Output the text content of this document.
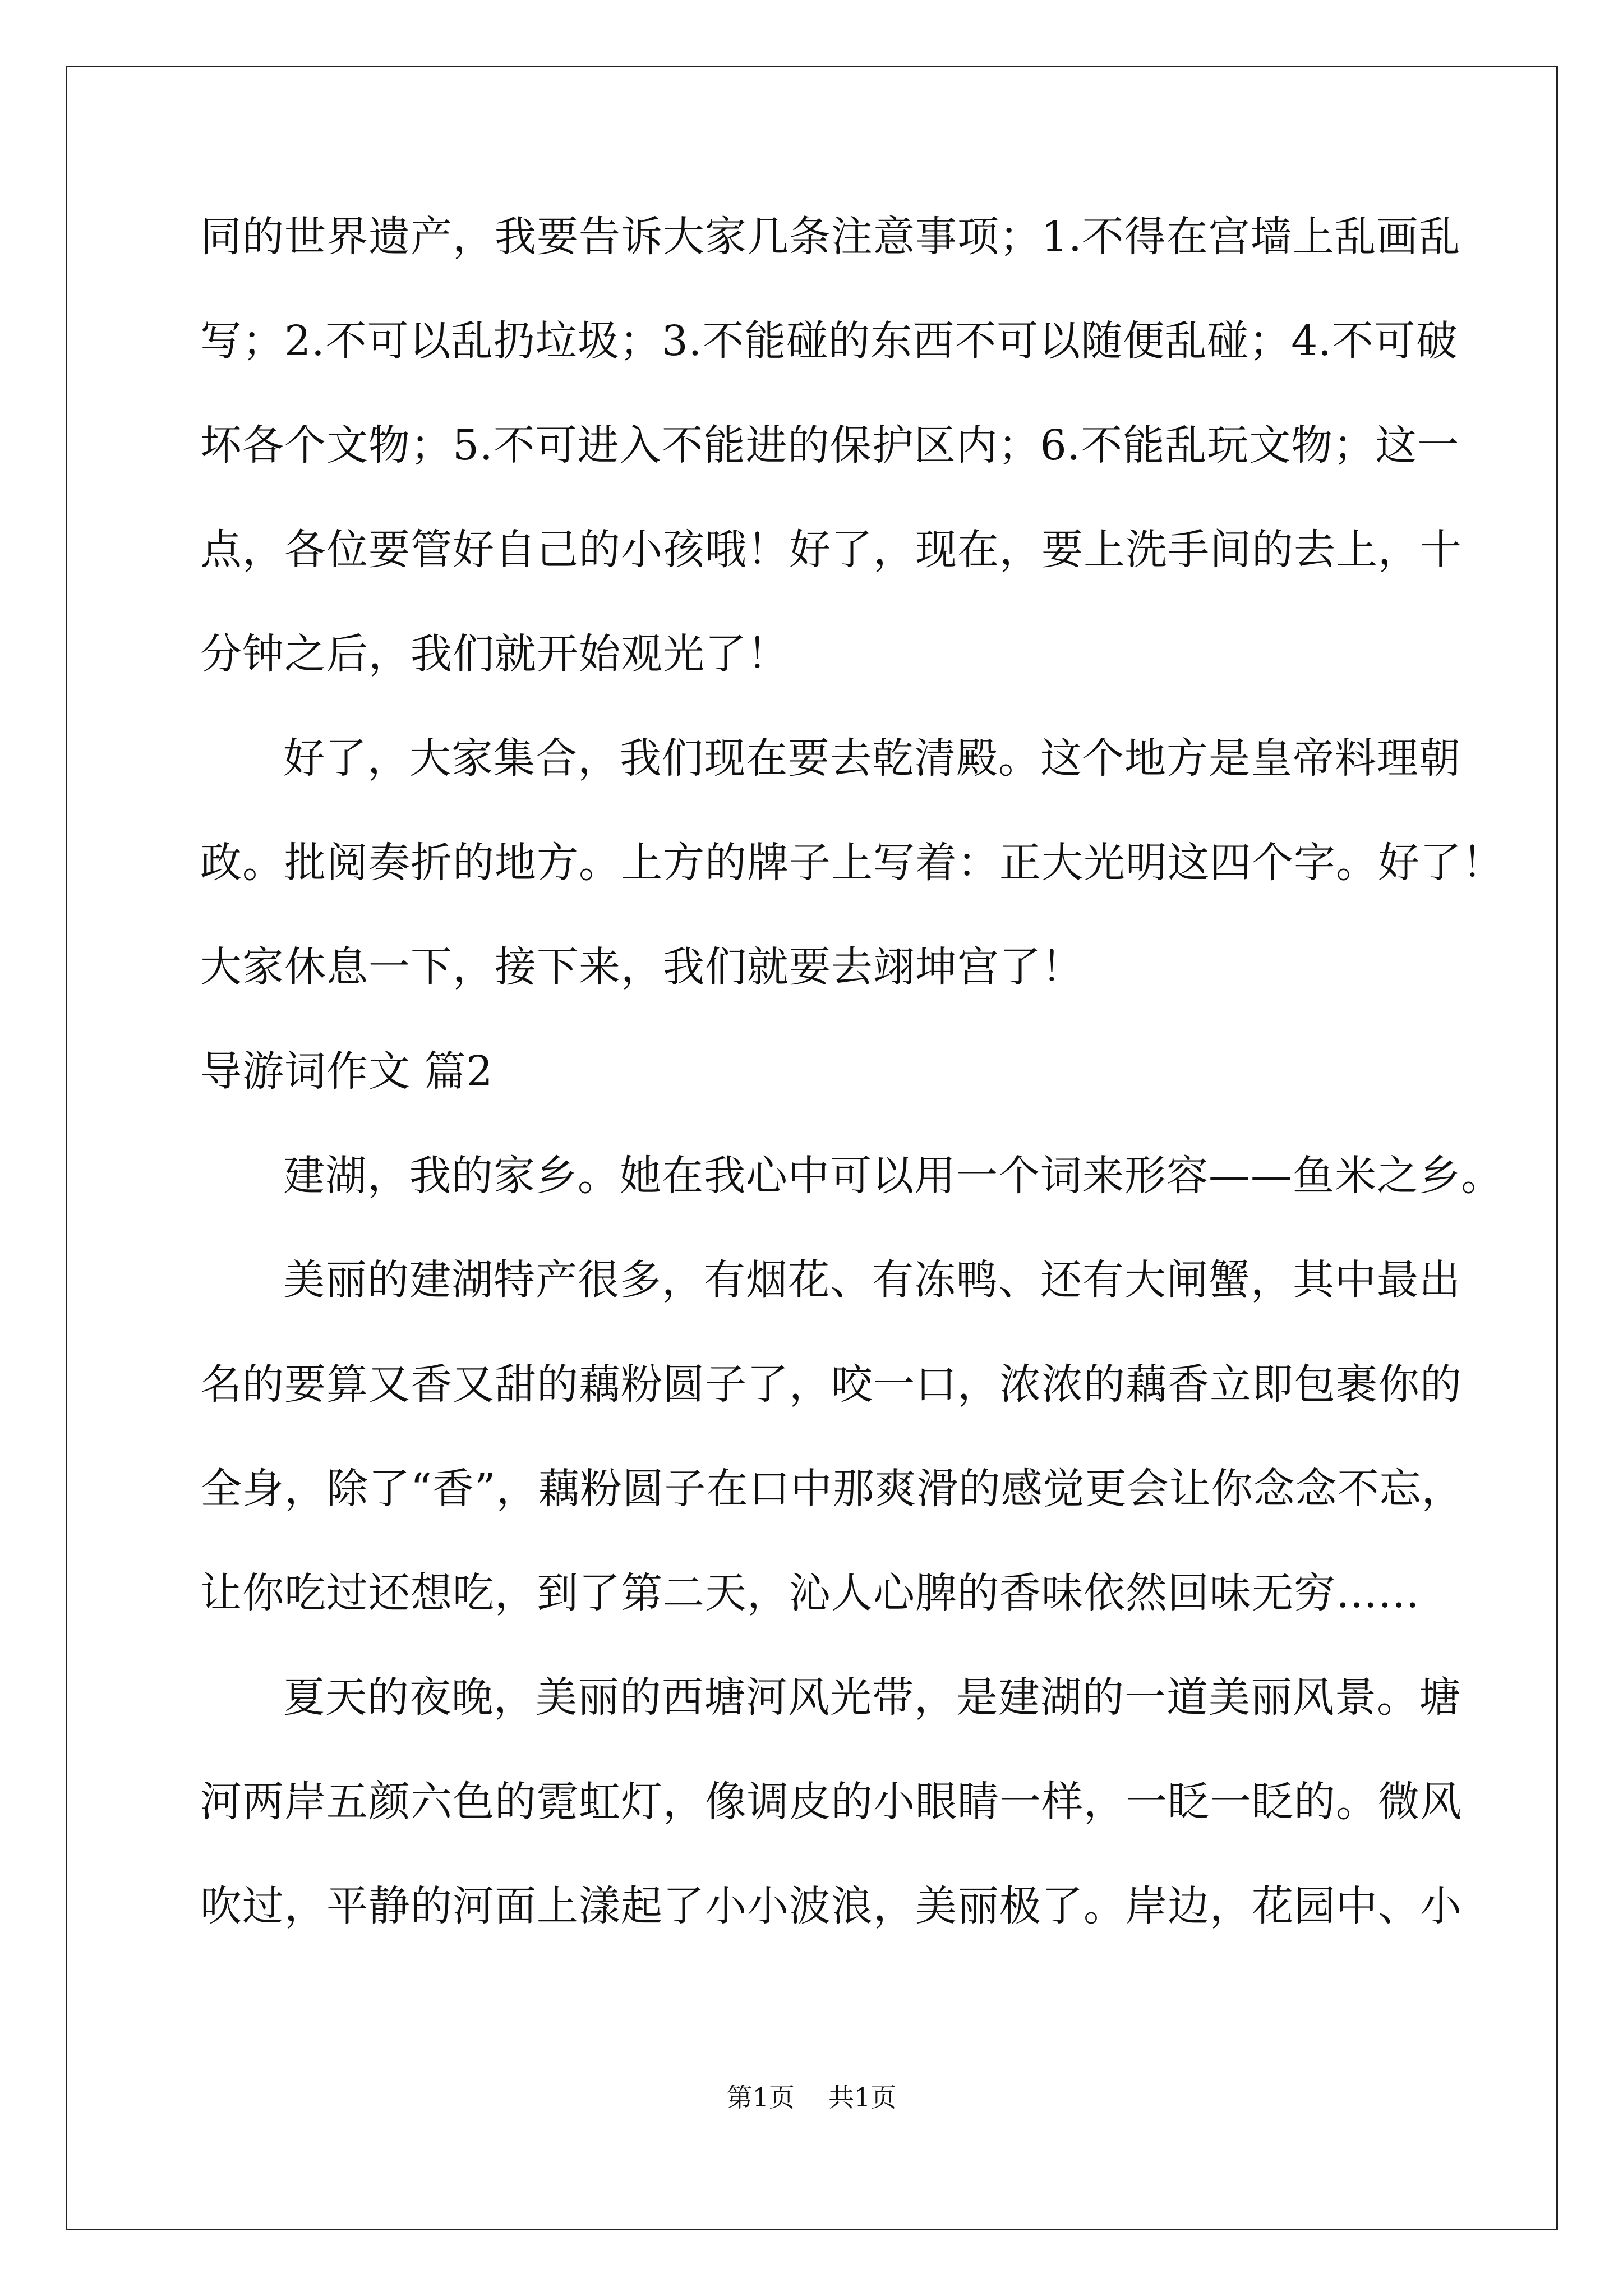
同的世界遗产，我要告诉大家几条注意事项；1.不得在宫墙上乱画乱
写；2.不可以乱扔垃圾；3.不能碰的东西不可以随便乱碰；4.不可破
坏各个文物；5.不可进入不能进的保护区内；6.不能乱玩文物；这一
点，各位要管好自己的小孩哦！好了，现在，要上洗手间的去上，十
分钟之后，我们就开始观光了！
好了，大家集合，我们现在要去乾清殿。这个地方是皇帝料理朝
政。批阅奏折的地方。上方的牌子上写着：正大光明这四个字。好了！
大家休息一下，接下来，我们就要去翊坤宫了！
导游词作文 篇2
建湖，我的家乡。她在我心中可以用一个词来形容——鱼米之乡。
美丽的建湖特产很多，有烟花、有冻鸭、还有大闸蟹，其中最出
名的要算又香又甜的藕粉圆子了，咬一口，浓浓的藕香立即包裹你的
全身，除了“香”，藕粉圆子在口中那爽滑的感觉更会让你念念不忘，
让你吃过还想吃，到了第二天，沁人心脾的香味依然回味无穷……
夏天的夜晚，美丽的西塘河风光带，是建湖的一道美丽风景。塘
河两岸五颜六色的霓虹灯，像调皮的小眼睛一样，一眨一眨的。微风
吹过，平静的河面上漾起了小小波浪，美丽极了。岸边，花园中、小
第1页 共1页
